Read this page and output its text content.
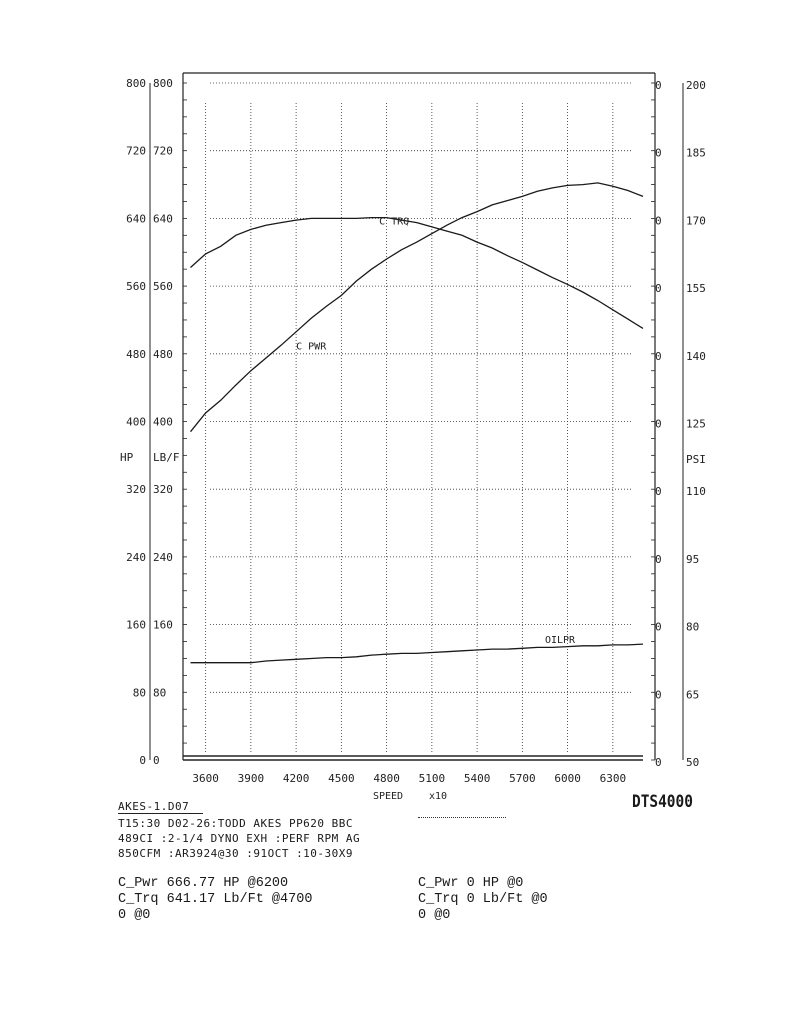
0
80
160
240
320
400
480
560
640
720
800
0
80
160
240
320
400
480
560
640
720
800
HP LB/F
0
0
0
0
0
0
0
0
0
0
0
50
65
80
95
110
125
140
155
170
185
200
PSI
C TRQ
C PWR
OILPR
3600 3900 4200 4500 4800 5100 5400 5700 6000 6300
SPEED	x10
AKES-1.D07
T15:30 D02-26:TODD AKES PP620 BBC
489CI :2-1/4 DYNO EXH :PERF RPM AG
850CFM :AR3924@30 :91OCT :10-30X9
DTS4000
C_Pwr 666.77 HP @6200
C_Trq 641.17 Lb/Ft @4700
0 @0
C_Pwr 0 HP @0
C_Trq 0 Lb/Ft @0
0 @0
